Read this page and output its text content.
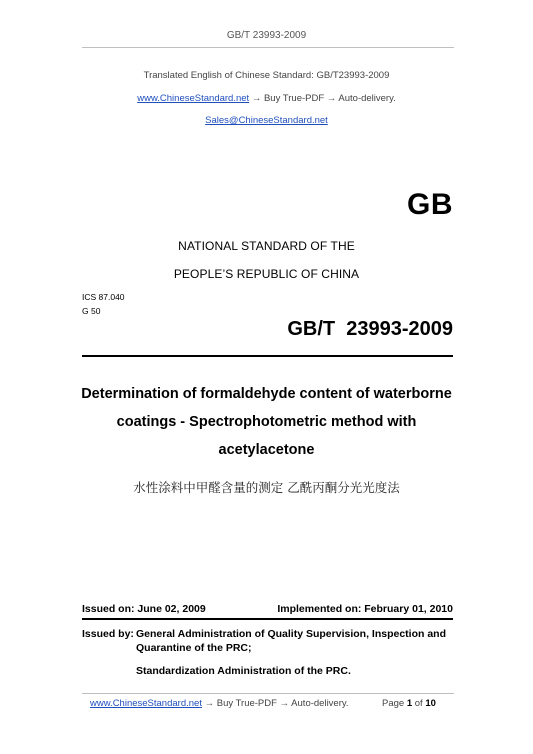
GB/T 23993-2009
Translated English of Chinese Standard: GB/T23993-2009
www.ChineseStandard.net → Buy True-PDF → Auto-delivery.
Sales@ChineseStandard.net
GB
NATIONAL STANDARD OF THE
PEOPLE’S REPUBLIC OF CHINA
ICS 87.040
G 50
GB/T  23993-2009
Determination of formaldehyde content of waterborne
coatings - Spectrophotometric method with
acetylacetone
水性涂料中甲醛含量的测定 乙酰丙酮分光光度法
Issued on: June 02, 2009	Implemented on: February 01, 2010
Issued by: General Administration of Quality Supervision, Inspection and
Quarantine of the PRC;
Standardization Administration of the PRC.
www.ChineseStandard.net → Buy True-PDF → Auto-delivery.	Page 1 of 10
